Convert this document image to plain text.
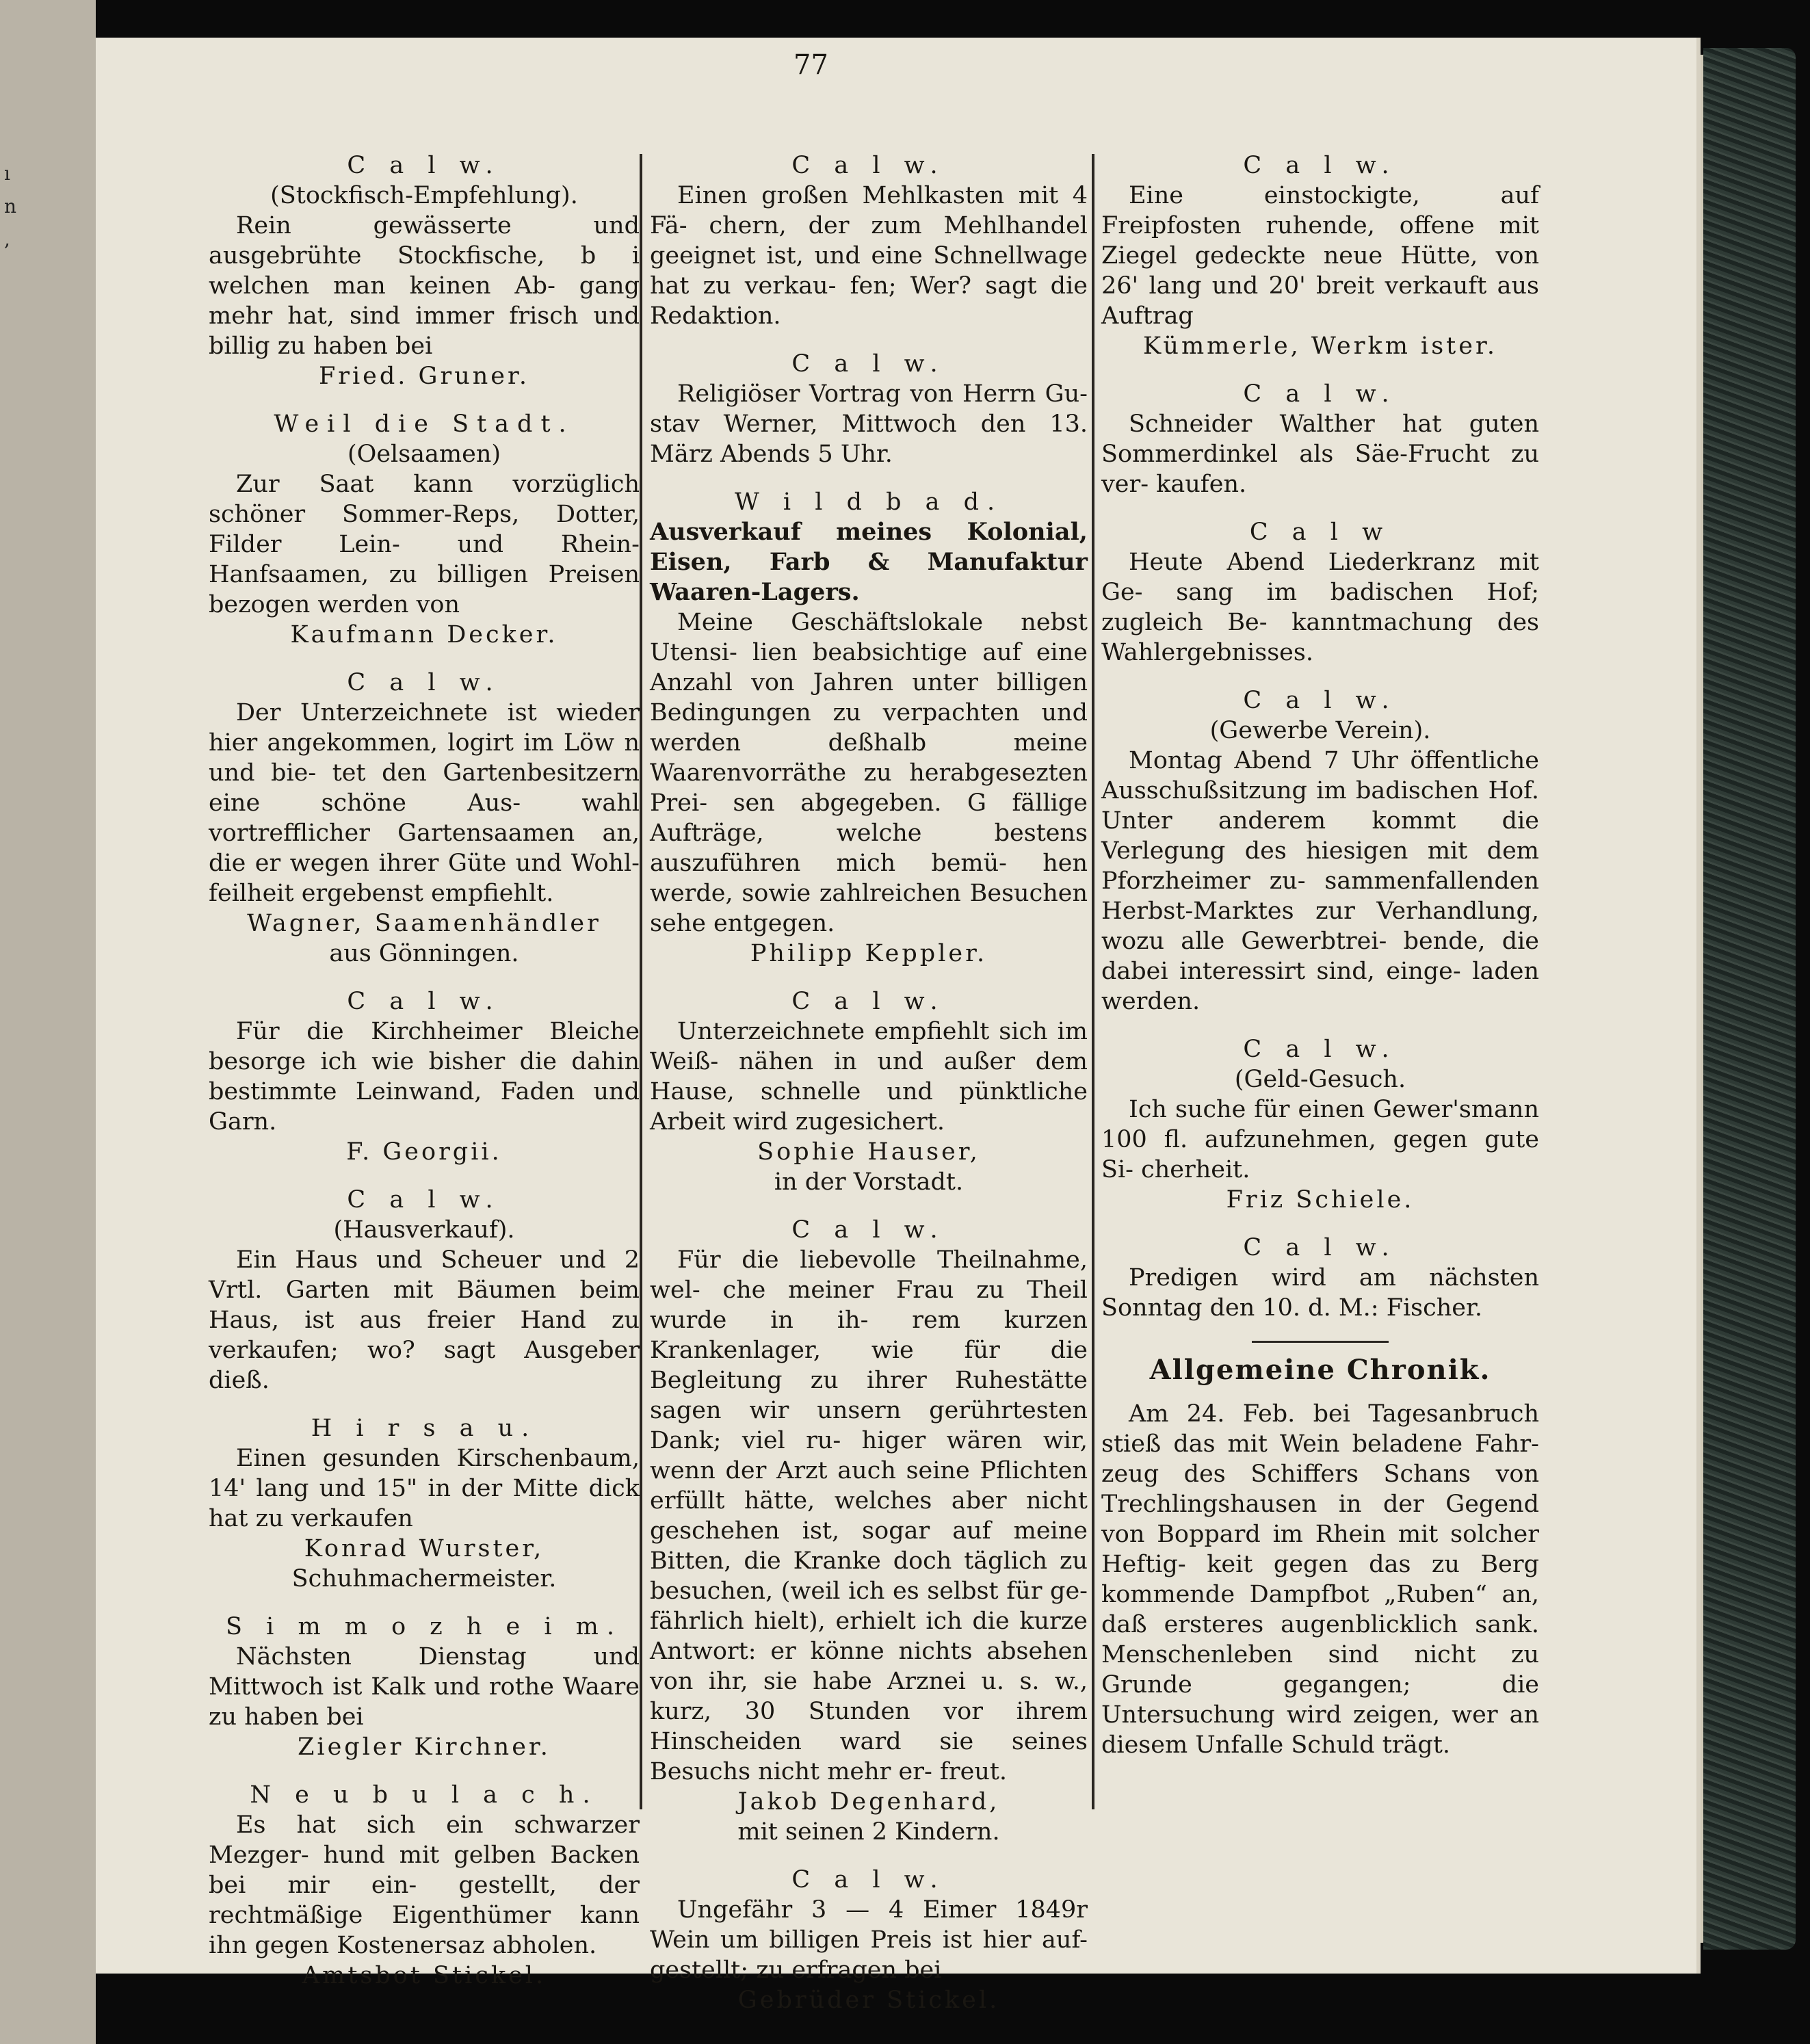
ı
n
,
77

C a l w.

(Stockfisch-Empfehlung).

Rein gewässerte und ausgebrühte Stockfische, b i welchen man keinen Ab- gang mehr hat, sind immer frisch und billig zu haben bei

Fried. Gruner.

Weil die Stadt.

(Oelsaamen)

Zur Saat kann vorzüglich schöner Sommer-Reps, Dotter, Filder Lein- und Rhein-Hanfsaamen, zu billigen Preisen bezogen werden von

Kaufmann Decker.

C a l w.

Der Unterzeichnete ist wieder hier angekommen, logirt im Löw n und bie- tet den Gartenbesitzern eine schöne Aus- wahl vortrefflicher Gartensaamen an, die er wegen ihrer Güte und Wohl- feilheit ergebenst empfiehlt.

Wagner, Saamenhändler

aus Gönningen.

C a l w.

Für die Kirchheimer Bleiche besorge ich wie bisher die dahin bestimmte Leinwand, Faden und Garn.

F. Georgii.

C a l w.

(Hausverkauf).

Ein Haus und Scheuer und 2 Vrtl. Garten mit Bäumen beim Haus, ist aus freier Hand zu verkaufen; wo? sagt Ausgeber dieß.

H i r s a u.

Einen gesunden Kirschenbaum, 14' lang und 15" in der Mitte dick hat zu verkaufen

Konrad Wurster,

Schuhmachermeister.

S i m m o z h e i m.

Nächsten Dienstag und Mittwoch ist Kalk und rothe Waare zu haben bei

Ziegler Kirchner.

N e u b u l a c h.

Es hat sich ein schwarzer Mezger- hund mit gelben Backen bei mir ein- gestellt, der rechtmäßige Eigenthümer kann ihn gegen Kostenersaz abholen.

Amtsbot Stickel.

C a l w.

Einen großen Mehlkasten mit 4 Fä- chern, der zum Mehlhandel geeignet ist, und eine Schnellwage hat zu verkau- fen; Wer? sagt die Redaktion.

C a l w.

Religiöser Vortrag von Herrn Gu- stav Werner, Mittwoch den 13. März Abends 5 Uhr.

W i l d b a d.

Ausverkauf meines Kolonial, Eisen, Farb & Manufaktur Waaren-Lagers.

Meine Geschäftslokale nebst Utensi- lien beabsichtige auf eine Anzahl von Jahren unter billigen Bedingungen zu verpachten und werden deßhalb meine Waarenvorräthe zu herabgesezten Prei- sen abgegeben. G fällige Aufträge, welche bestens auszuführen mich bemü- hen werde, sowie zahlreichen Besuchen sehe entgegen.

Philipp Keppler.

C a l w.

Unterzeichnete empfiehlt sich im Weiß- nähen in und außer dem Hause, schnelle und pünktliche Arbeit wird zugesichert.

Sophie Hauser,

in der Vorstadt.

C a l w.

Für die liebevolle Theilnahme, wel- che meiner Frau zu Theil wurde in ih- rem kurzen Krankenlager, wie für die Begleitung zu ihrer Ruhestätte sagen wir unsern gerührtesten Dank; viel ru- higer wären wir, wenn der Arzt auch seine Pflichten erfüllt hätte, welches aber nicht geschehen ist, sogar auf meine Bitten, die Kranke doch täglich zu besuchen, (weil ich es selbst für ge- fährlich hielt), erhielt ich die kurze Antwort: er könne nichts absehen von ihr, sie habe Arznei u. s. w., kurz, 30 Stunden vor ihrem Hinscheiden ward sie seines Besuchs nicht mehr er- freut.

Jakob Degenhard,

mit seinen 2 Kindern.

C a l w.

Ungefähr 3 — 4 Eimer 1849r Wein um billigen Preis ist hier auf- gestellt; zu erfragen bei

Gebrüder Stickel.

C a l w.

Eine einstockigte, auf Freipfosten ruhende, offene mit Ziegel gedeckte neue Hütte, von 26' lang und 20' breit verkauft aus Auftrag

Kümmerle, Werkm ister.

C a l w.

Schneider Walther hat guten Sommerdinkel als Säe-Frucht zu ver- kaufen.

C a l w

Heute Abend Liederkranz mit Ge- sang im badischen Hof; zugleich Be- kanntmachung des Wahlergebnisses.

C a l w.

(Gewerbe Verein).

Montag Abend 7 Uhr öffentliche Ausschußsitzung im badischen Hof. Unter anderem kommt die Verlegung des hiesigen mit dem Pforzheimer zu- sammenfallenden Herbst-Marktes zur Verhandlung, wozu alle Gewerbtrei- bende, die dabei interessirt sind, einge- laden werden.

C a l w.

(Geld-Gesuch.

Ich suche für einen Gewer'smann 100 fl. aufzunehmen, gegen gute Si- cherheit.

Friz Schiele.

C a l w.

Predigen wird am nächsten Sonntag den 10. d. M.: Fischer.

Allgemeine Chronik.

Am 24. Feb. bei Tagesanbruch stieß das mit Wein beladene Fahr- zeug des Schiffers Schans von Trechlingshausen in der Gegend von Boppard im Rhein mit solcher Heftig- keit gegen das zu Berg kommende Dampfbot „Ruben“ an, daß ersteres augenblicklich sank. Menschenleben sind nicht zu Grunde gegangen; die Untersuchung wird zeigen, wer an diesem Unfalle Schuld trägt.
